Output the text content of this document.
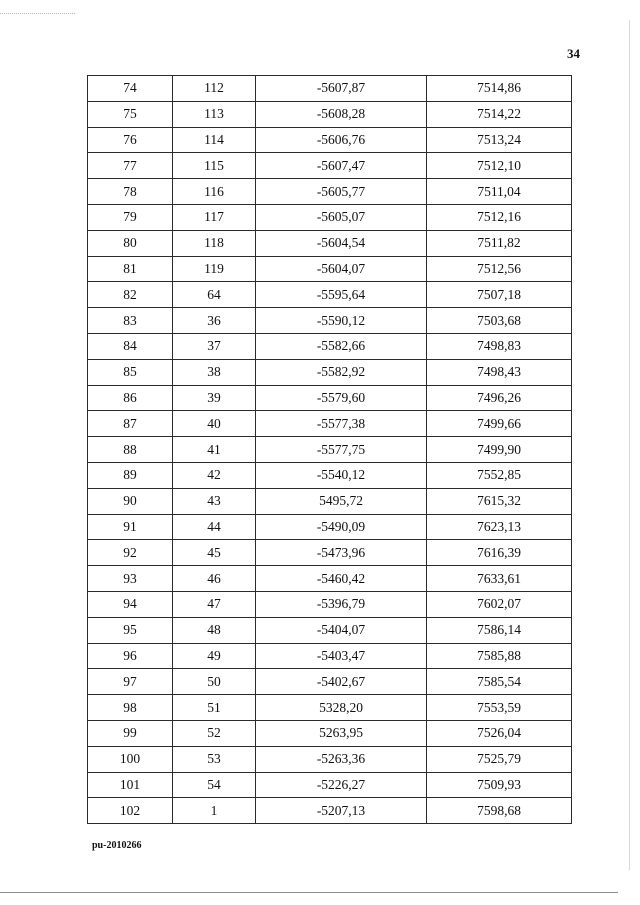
34
74	112	-5607,87	7514,86
75	113	-5608,28	7514,22
76	114	-5606,76	7513,24
77	115	-5607,47	7512,10
78	116	-5605,77	7511,04
79	117	-5605,07	7512,16
80	118	-5604,54	7511,82
81	119	-5604,07	7512,56
82	64	-5595,64	7507,18
83	36	-5590,12	7503,68
84	37	-5582,66	7498,83
85	38	-5582,92	7498,43
86	39	-5579,60	7496,26
87	40	-5577,38	7499,66
88	41	-5577,75	7499,90
89	42	-5540,12	7552,85
90	43	5495,72	7615,32
91	44	-5490,09	7623,13
92	45	-5473,96	7616,39
93	46	-5460,42	7633,61
94	47	-5396,79	7602,07
95	48	-5404,07	7586,14
96	49	-5403,47	7585,88
97	50	-5402,67	7585,54
98	51	5328,20	7553,59
99	52	5263,95	7526,04
100	53	-5263,36	7525,79
101	54	-5226,27	7509,93
102	1	-5207,13	7598,68
pu-2010266
